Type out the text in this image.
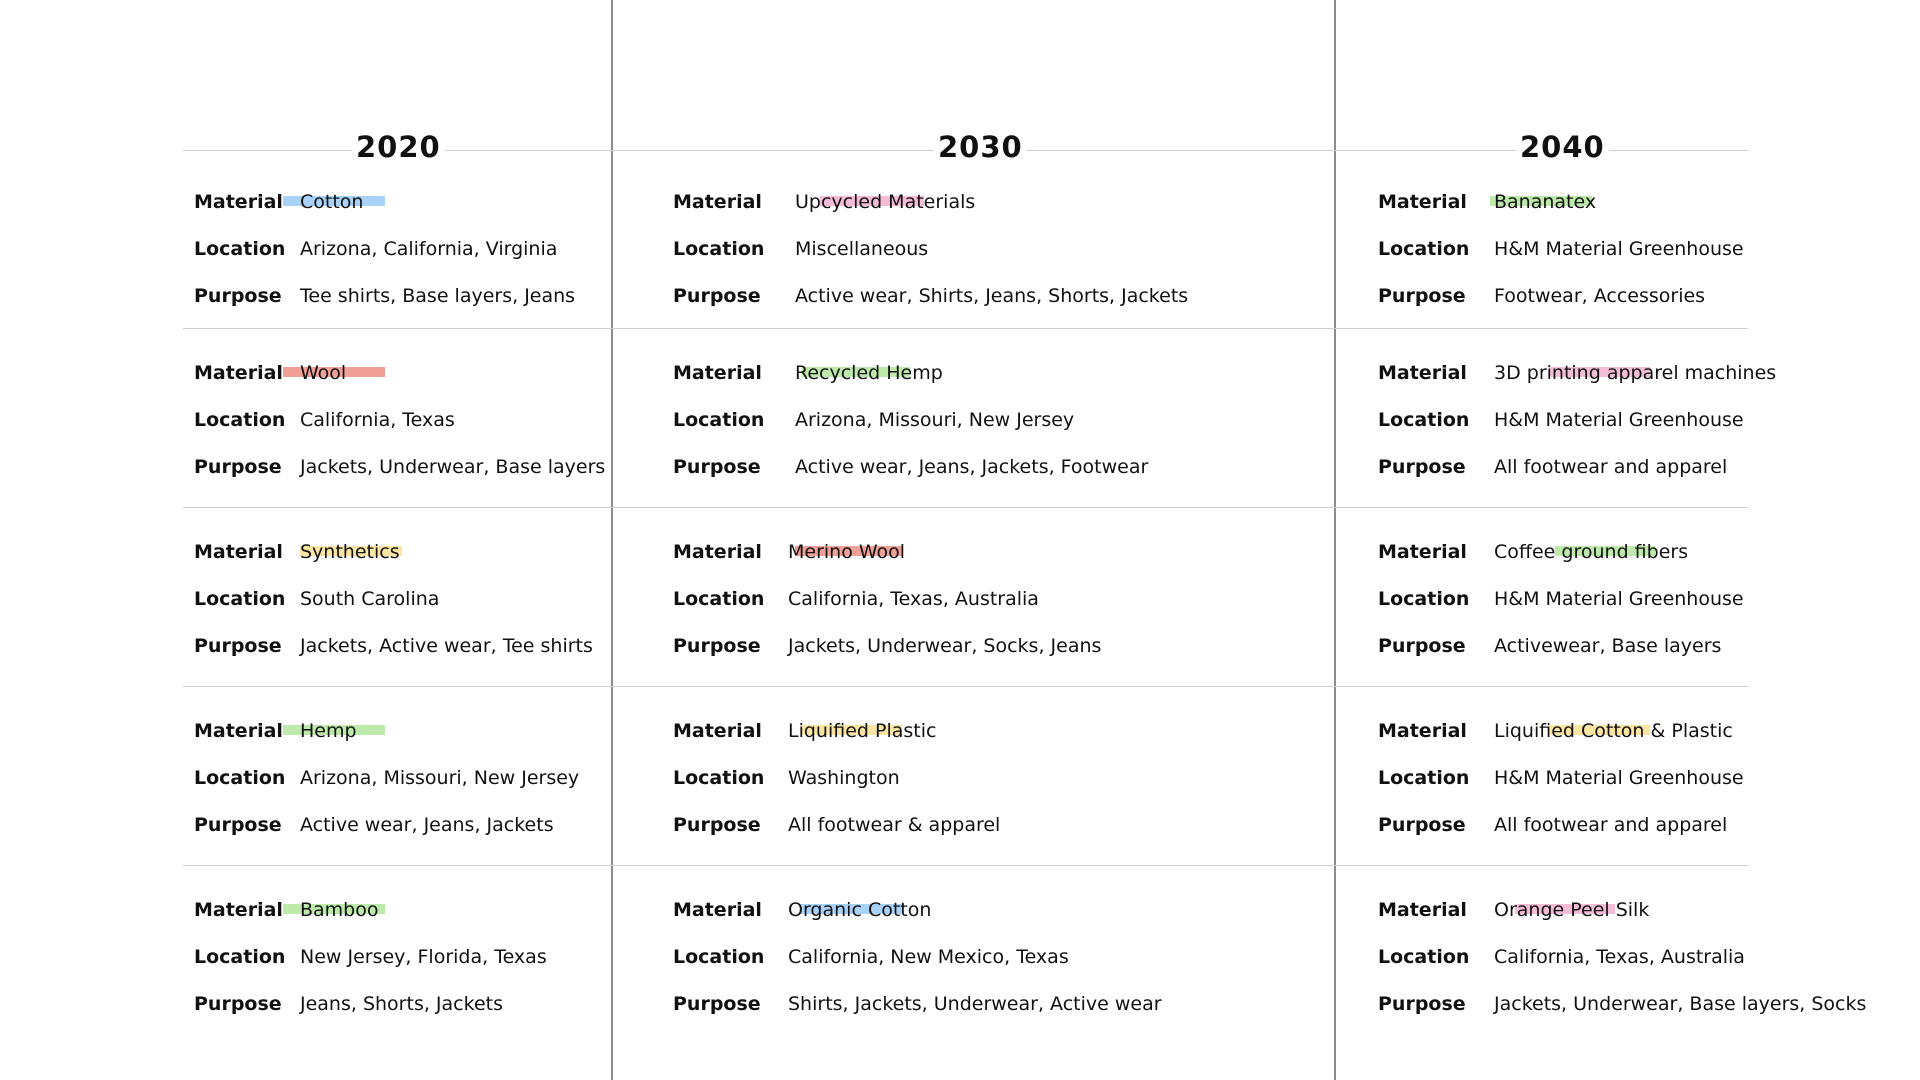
2020	2030	2040
Material Cotton
Location Arizona, California, Virginia
Purpose Tee shirts, Base layers, Jeans
Material Wool
Location California, Texas
Purpose Jackets, Underwear, Base layers
Material Synthetics
Location South Carolina
Purpose Jackets, Active wear, Tee shirts
Material Hemp
Location Arizona, Missouri, New Jersey
Purpose Active wear, Jeans, Jackets
Material Bamboo
Location New Jersey, Florida, Texas
Purpose Jeans, Shorts, Jackets
Material Upcycled Materials
Location Miscellaneous
Purpose Active wear, Shirts, Jeans, Shorts, Jackets
Material Recycled Hemp
Location Arizona, Missouri, New Jersey
Purpose Active wear, Jeans, Jackets, Footwear
Material Merino Wool
Location California, Texas, Australia
Purpose Jackets, Underwear, Socks, Jeans
Material Liquified Plastic
Location Washington
Purpose All footwear & apparel
Material Organic Cotton
Location California, New Mexico, Texas
Purpose Shirts, Jackets, Underwear, Active wear
Material Bananatex
Location H&M Material Greenhouse
Purpose Footwear, Accessories
Material 3D printing apparel machines
Location H&M Material Greenhouse
Purpose All footwear and apparel
Material Coffee ground fibers
Location H&M Material Greenhouse
Purpose Activewear, Base layers
Material Liquified Cotton & Plastic
Location H&M Material Greenhouse
Purpose All footwear and apparel
Material Orange Peel Silk
Location California, Texas, Australia
Purpose Jackets, Underwear, Base layers, Socks
